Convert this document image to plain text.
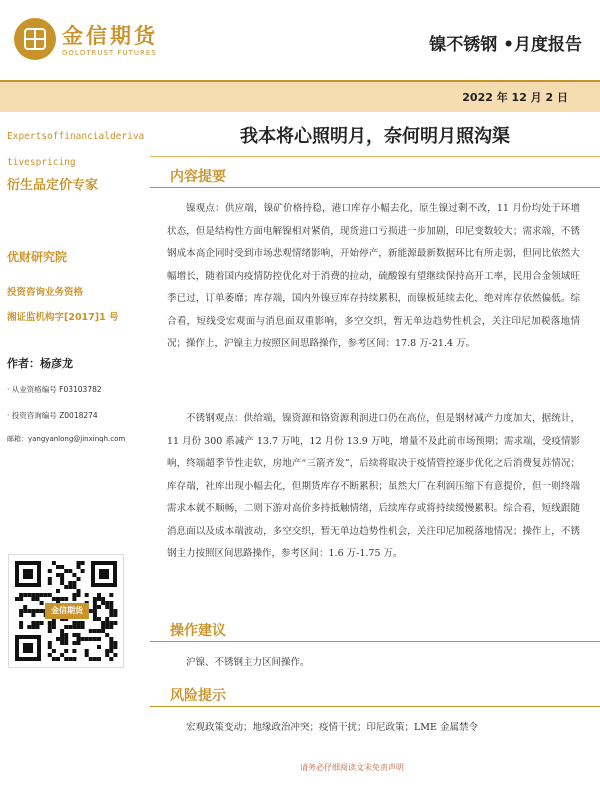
金信期货
GOLDTRUST FUTURES	镍不锈钢 •月度报告
2022 年 12 月 2 日
Expertsoffinancialderivativespricing
衍生品定价专家
优财研究院
投资咨询业务资格
湘证监机构字[2017]1 号
作者：杨彦龙
· 从业资格编号 F03103782
· 投资咨询编号 Z0018274
邮箱：yangyanlong@jinxinqh.com
金信期货
我本将心照明月，奈何明月照沟渠
内容提要
镍观点：供应端，镍矿价格持稳，港口库存小幅去化，原生镍过剩不改，11 月份均处于环增状态，但是结构性方面电解镍相对紧俏，现货进口亏损进一步加剧，印尼变数较大；需求端，不锈钢成本高企同时受到市场悲观情绪影响，开始停产，新能源最新数据环比有所走弱，但同比依然大幅增长，随着国内疫情防控优化对于消费的拉动，硫酸镍有望继续保持高开工率，民用合金领域旺季已过，订单萎靡；库存端，国内外镍豆库存持续累积，而镍板延续去化，绝对库存依然偏低。综合看，短线受宏观面与消息面双重影响，多空交织，暂无单边趋势性机会，关注印尼加税落地情况；操作上，沪镍主力按照区间思路操作，参考区间：17.8 万-21.4 万。
不锈钢观点：供给端，镍资源和铬资源利润进口仍在高位，但是钢材减产力度加大，据统计，11 月份 300 系减产 13.7 万吨，12 月份 13.9 万吨，增量不及此前市场预期；需求端，受疫情影响，终端超季节性走软，房地产“三箭齐发”，后续将取决于疫情管控逐步优化之后消费复苏情况；库存端，社库出现小幅去化，但期货库存不断累积；虽然大厂在利润压缩下有意提价，但一则终端需求本就不顺畅，二则下游对高价多持抵触情绪，后续库存或将持续缓慢累积。综合看，短线跟随消息面以及成本端波动，多空交织，暂无单边趋势性机会，关注印尼加税落地情况；操作上，不锈钢主力按照区间思路操作，参考区间：1.6 万-1.75 万。
操作建议
沪镍、不锈钢主力区间操作。
风险提示
宏观政策变动；地缘政治冲突；疫情干扰；印尼政策；LME 金属禁令
请务必仔细阅读文末免责声明
